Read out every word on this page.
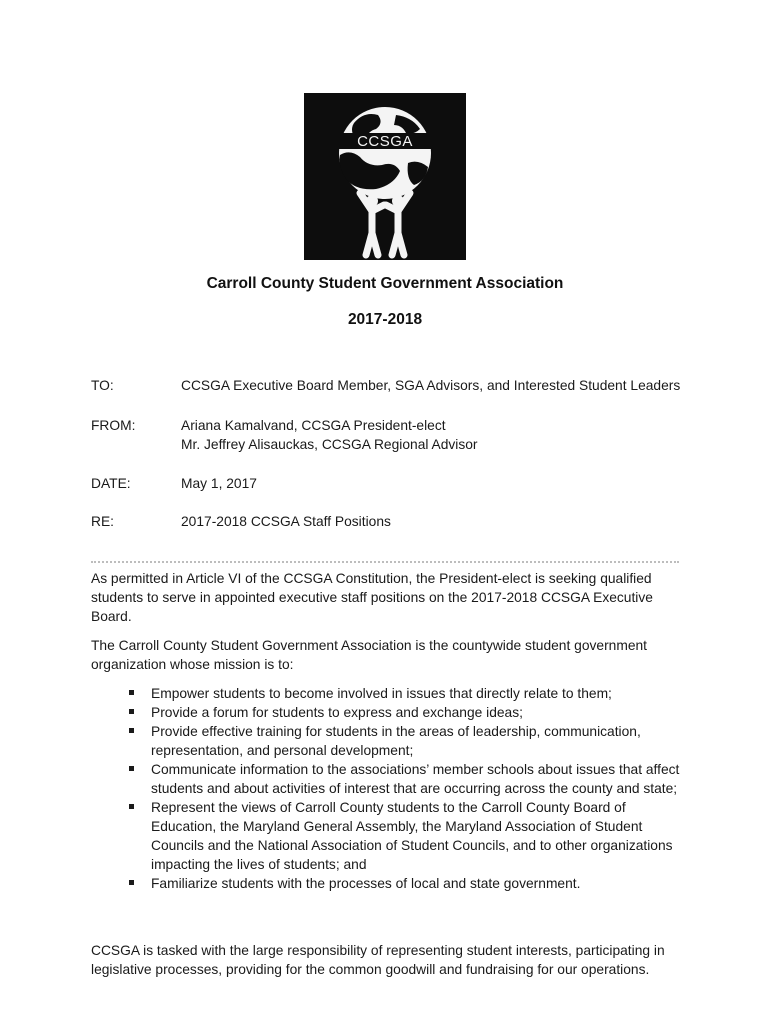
CCSGA
Carroll County Student Government Association
2017-2018
TO:	CCSGA Executive Board Member, SGA Advisors, and Interested Student Leaders
FROM:	Ariana Kamalvand, CCSGA President-elect
Mr. Jeffrey Alisauckas, CCSGA Regional Advisor
DATE:	May 1, 2017
RE:	2017-2018 CCSGA Staff Positions

As permitted in Article VI of the CCSGA Constitution, the President-elect is seeking qualified students to serve in appointed executive staff positions on the 2017-2018 CCSGA Executive Board.

The Carroll County Student Government Association is the countywide student government organization whose mission is to:

Empower students to become involved in issues that directly relate to them;
Provide a forum for students to express and exchange ideas;
Provide effective training for students in the areas of leadership, communication, representation, and personal development;
Communicate information to the associations’ member schools about issues that affect students and about activities of interest that are occurring across the county and state;
Represent the views of Carroll County students to the Carroll County Board of Education, the Maryland General Assembly, the Maryland Association of Student Councils and the National Association of Student Councils, and to other organizations impacting the lives of students; and
Familiarize students with the processes of local and state government.

CCSGA is tasked with the large responsibility of representing student interests, participating in legislative processes, providing for the common goodwill and fundraising for our operations.
